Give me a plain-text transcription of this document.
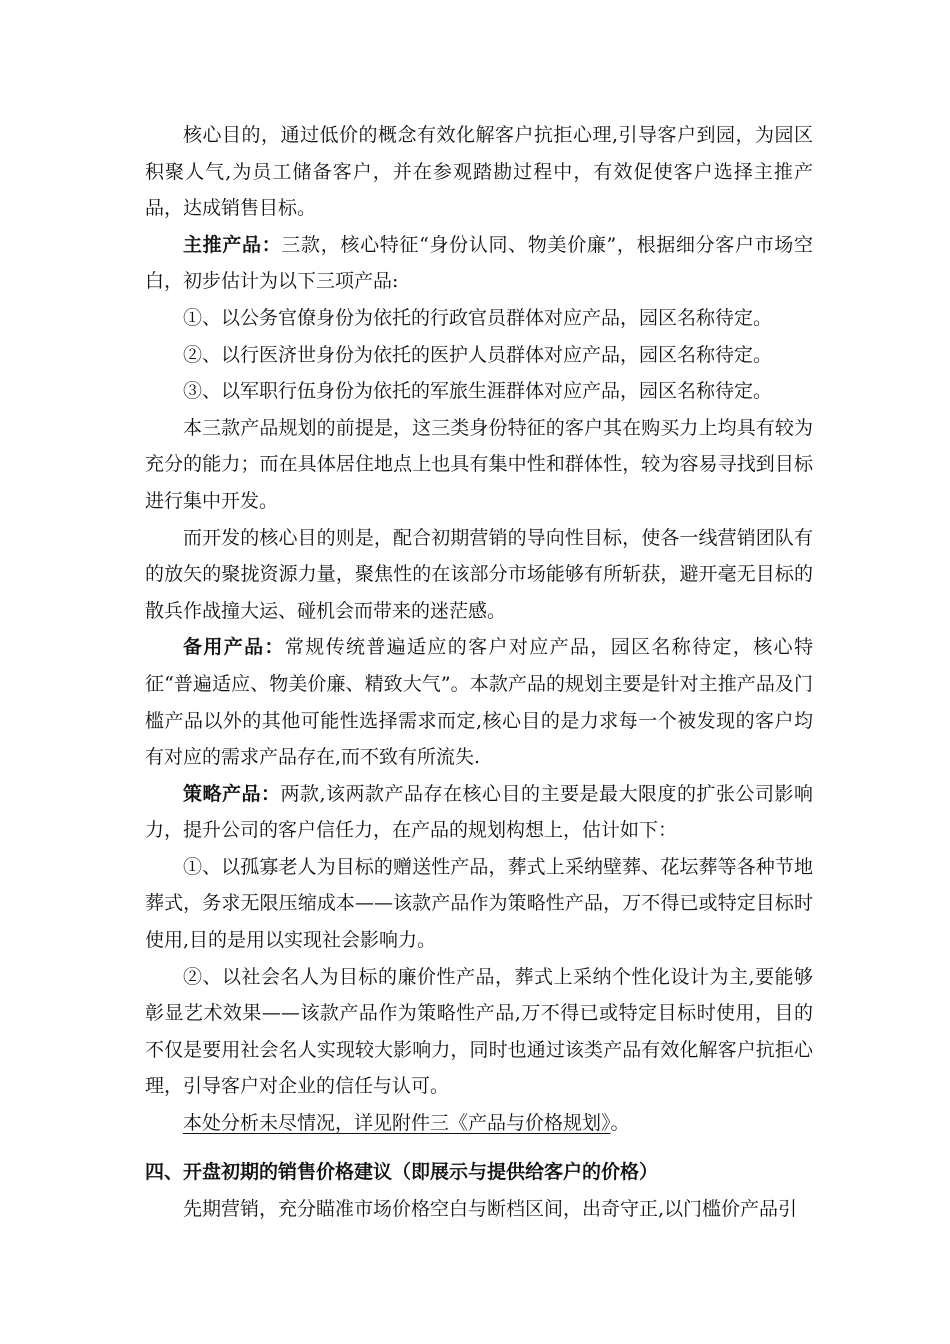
核心目的，通过低价的概念有效化解客户抗拒心理,引导客户到园，为园区积聚人气,为员工储备客户，并在参观踏勘过程中，有效促使客户选择主推产品，达成销售目标。

主推产品：三款，核心特征“身份认同、物美价廉”，根据细分客户市场空白，初步估计为以下三项产品:

①、以公务官僚身份为依托的行政官员群体对应产品，园区名称待定。

②、以行医济世身份为依托的医护人员群体对应产品，园区名称待定。

③、以军职行伍身份为依托的军旅生涯群体对应产品，园区名称待定。

本三款产品规划的前提是，这三类身份特征的客户其在购买力上均具有较为充分的能力；而在具体居住地点上也具有集中性和群体性，较为容易寻找到目标进行集中开发。

而开发的核心目的则是，配合初期营销的导向性目标，使各一线营销团队有的放矢的聚拢资源力量，聚焦性的在该部分市场能够有所斩获，避开毫无目标的散兵作战撞大运、碰机会而带来的迷茫感。

备用产品：常规传统普遍适应的客户对应产品，园区名称待定，核心特征“普遍适应、物美价廉、精致大气”。本款产品的规划主要是针对主推产品及门槛产品以外的其他可能性选择需求而定,核心目的是力求每一个被发现的客户均有对应的需求产品存在,而不致有所流失.

策略产品：两款,该两款产品存在核心目的主要是最大限度的扩张公司影响力，提升公司的客户信任力，在产品的规划构想上，估计如下：

①、以孤寡老人为目标的赠送性产品，葬式上采纳壁葬、花坛葬等各种节地葬式，务求无限压缩成本——该款产品作为策略性产品，万不得已或特定目标时使用,目的是用以实现社会影响力。

②、以社会名人为目标的廉价性产品，葬式上采纳个性化设计为主,要能够彰显艺术效果——该款产品作为策略性产品,万不得已或特定目标时使用，目的不仅是要用社会名人实现较大影响力，同时也通过该类产品有效化解客户抗拒心理，引导客户对企业的信任与认可。

本处分析未尽情况，详见附件三《产品与价格规划》。

四、开盘初期的销售价格建议（即展示与提供给客户的价格）

先期营销，充分瞄准市场价格空白与断档区间，出奇守正,以门槛价产品引
